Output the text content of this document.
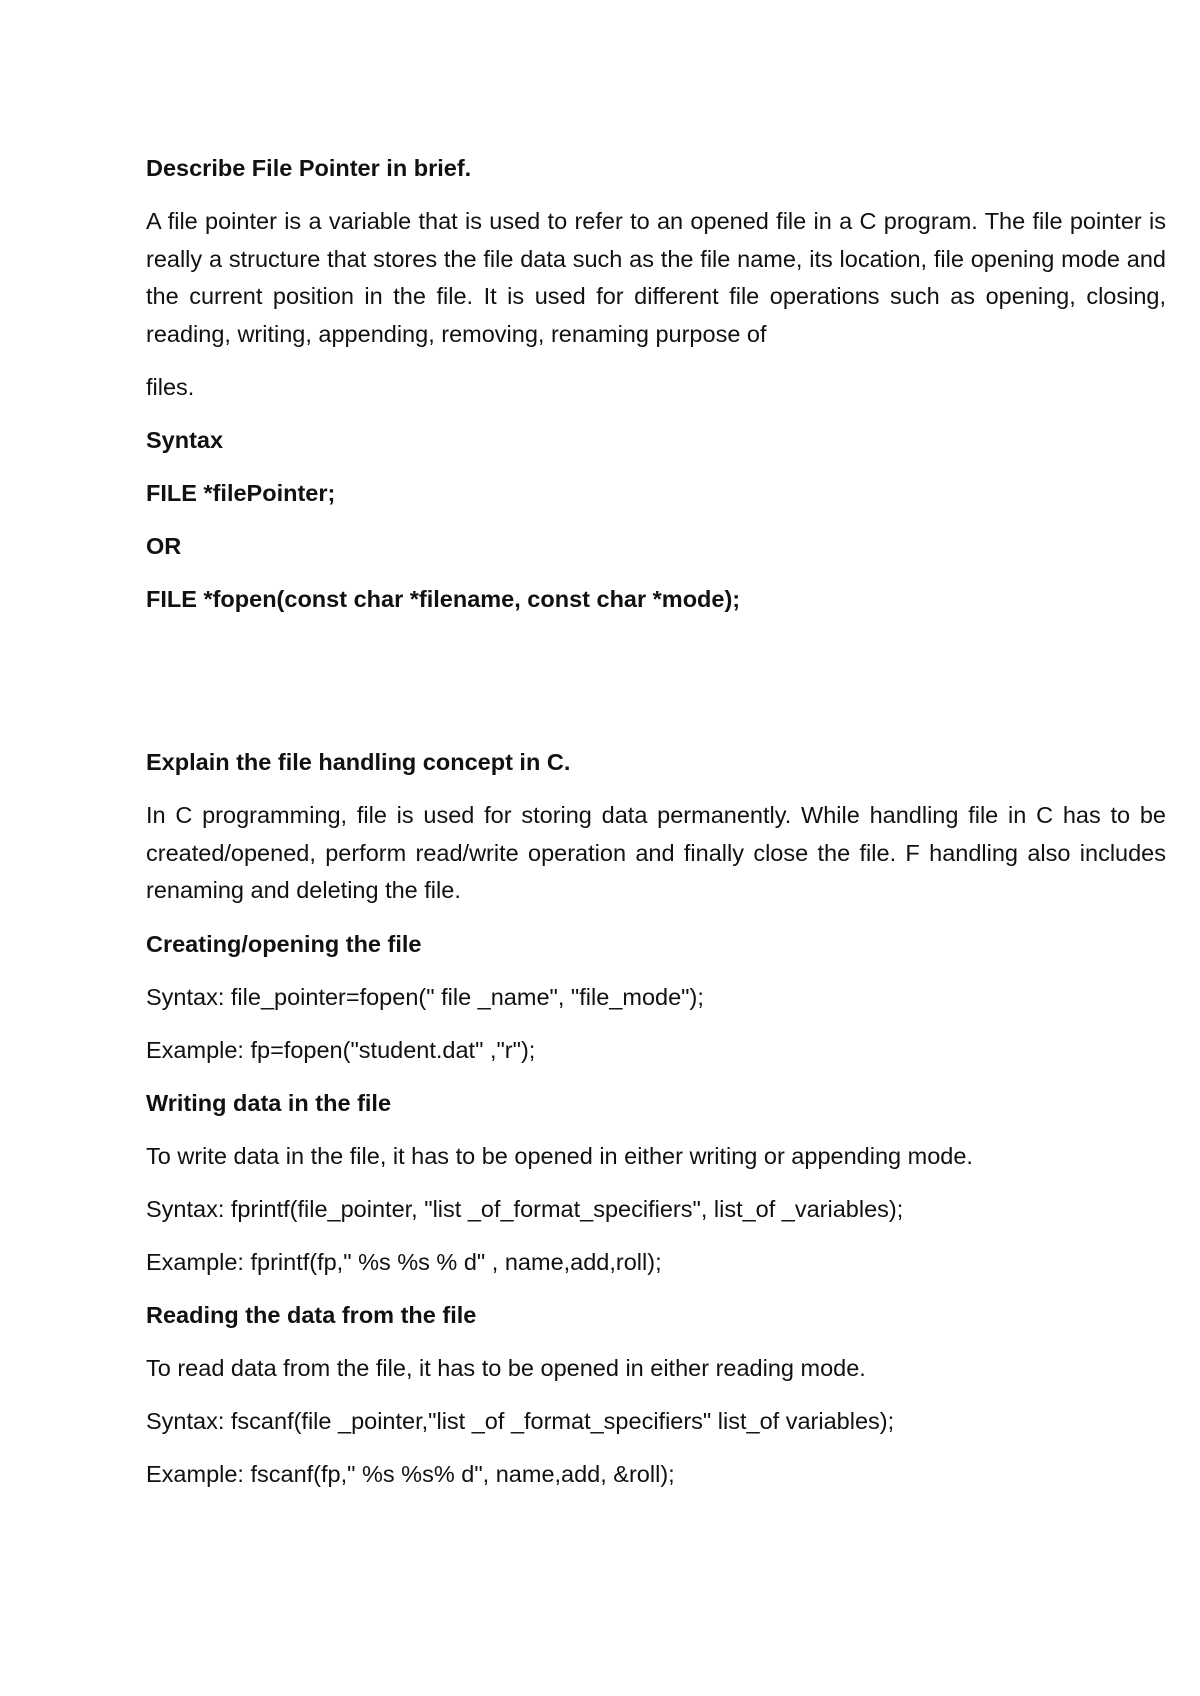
Describe File Pointer in brief.
A file pointer is a variable that is used to refer to an opened file in a C program. The file pointer is really a structure that stores the file data such as the file name, its location, file opening mode and the current position in the file. It is used for different file operations such as opening, closing, reading, writing, appending, removing, renaming purpose of
files.
Syntax
FILE *filePointer;
OR
FILE *fopen(const char *filename, const char *mode);
Explain the file handling concept in C.
In C programming, file is used for storing data permanently. While handling file in C has to be created/opened, perform read/write operation and finally close the file. F handling also includes renaming and deleting the file.
Creating/opening the file
Syntax: file_pointer=fopen(" file _name", "file_mode");
Example: fp=fopen("student.dat" ,"r");
Writing data in the file
To write data in the file, it has to be opened in either writing or appending mode.
Syntax: fprintf(file_pointer, "list _of_format_specifiers", list_of _variables);
Example: fprintf(fp," %s %s % d" , name,add,roll);
Reading the data from the file
To read data from the file, it has to be opened in either reading mode.
Syntax: fscanf(file _pointer,"list _of _format_specifiers" list_of variables);
Example: fscanf(fp," %s %s% d", name,add, &roll);
